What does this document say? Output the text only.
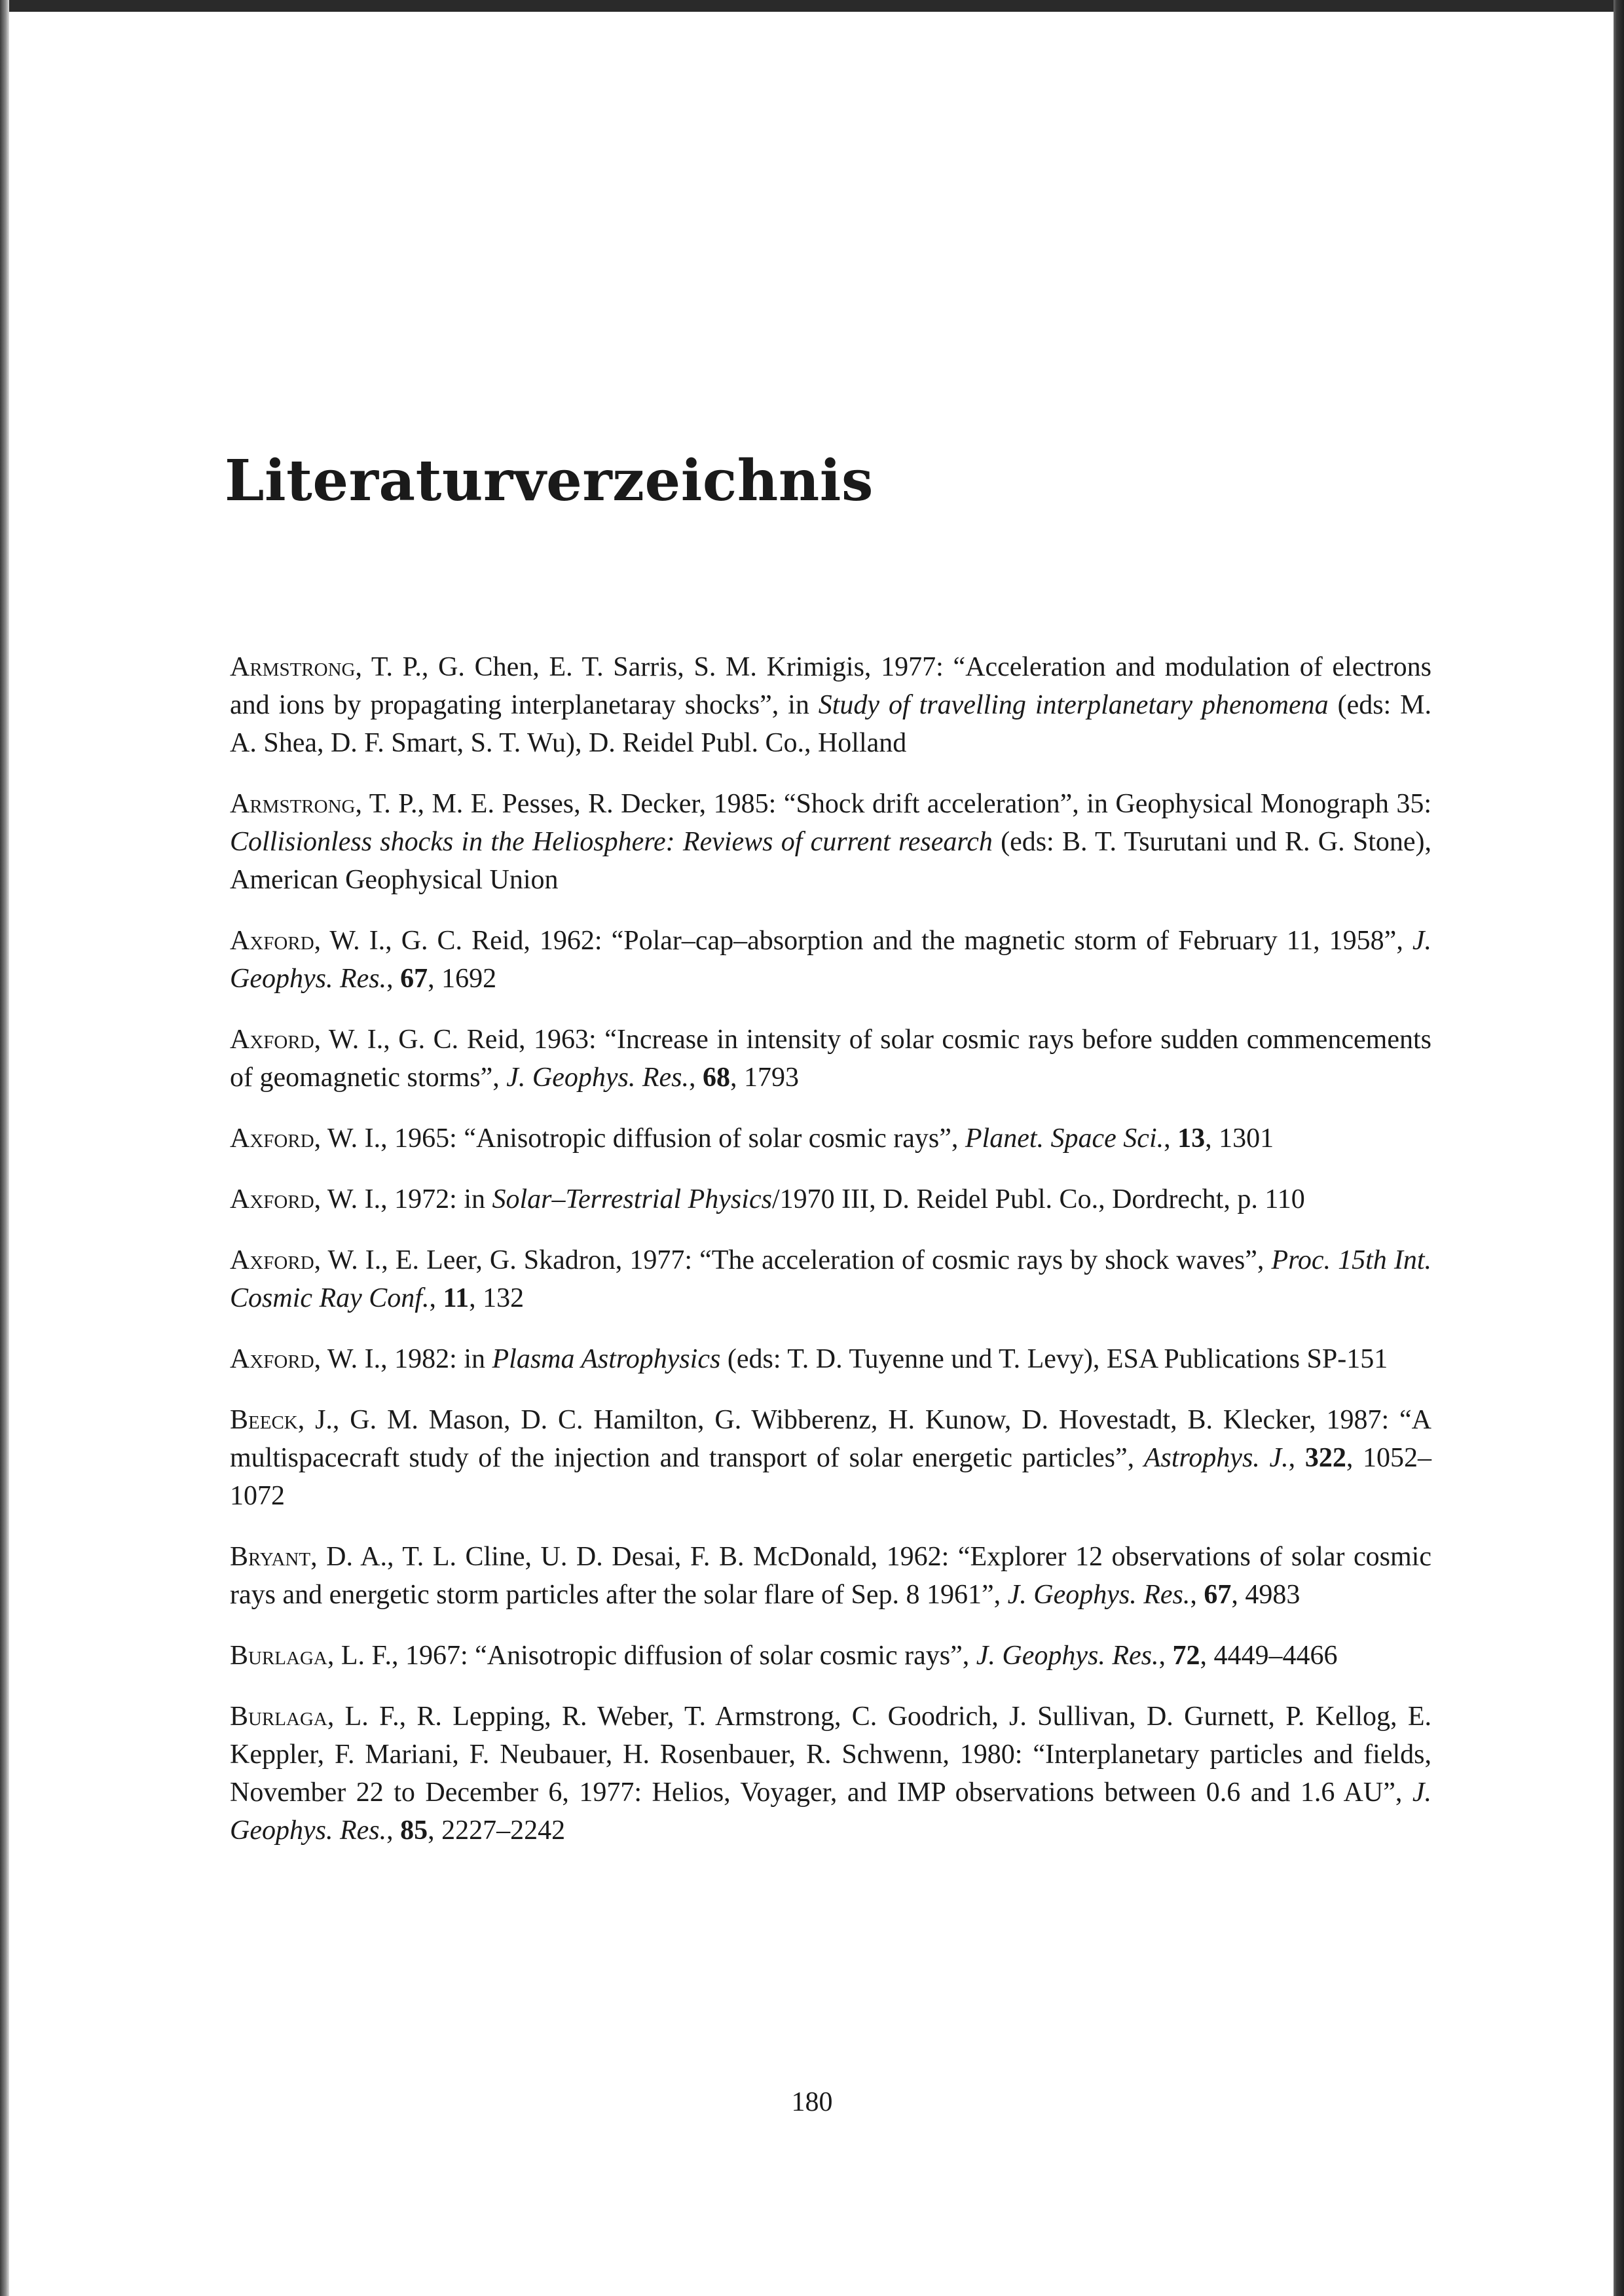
Literaturverzeichnis
Armstrong, T. P., G. Chen, E. T. Sarris, S. M. Krimigis, 1977: “Acceleration and modulation of electrons and ions by propagating interplanetaray shocks”, in Study of travelling interplanetary phenomena (eds: M. A. Shea, D. F. Smart, S. T. Wu), D. Reidel Publ. Co., Holland
Armstrong, T. P., M. E. Pesses, R. Decker, 1985: “Shock drift acceleration”, in Geophysical Monograph 35: Collisionless shocks in the Heliosphere: Reviews of current research (eds: B. T. Tsurutani und R. G. Stone), American Geophysical Union
Axford, W. I., G. C. Reid, 1962: “Polar–cap–absorption and the magnetic storm of February 11, 1958”, J. Geophys. Res., 67, 1692
Axford, W. I., G. C. Reid, 1963: “Increase in intensity of solar cosmic rays before sudden commencements of geomagnetic storms”, J. Geophys. Res., 68, 1793
Axford, W. I., 1965: “Anisotropic diffusion of solar cosmic rays”, Planet. Space Sci., 13, 1301
Axford, W. I., 1972: in Solar–Terrestrial Physics/1970 III, D. Reidel Publ. Co., Dordrecht, p. 110
Axford, W. I., E. Leer, G. Skadron, 1977: “The acceleration of cosmic rays by shock waves”, Proc. 15th Int. Cosmic Ray Conf., 11, 132
Axford, W. I., 1982: in Plasma Astrophysics (eds: T. D. Tuyenne und T. Levy), ESA Publications SP-151
Beeck, J., G. M. Mason, D. C. Hamilton, G. Wibberenz, H. Kunow, D. Hovestadt, B. Klecker, 1987: “A multispacecraft study of the injection and transport of solar energetic particles”, Astrophys. J., 322, 1052–1072
Bryant, D. A., T. L. Cline, U. D. Desai, F. B. McDonald, 1962: “Explorer 12 observations of solar cosmic rays and energetic storm particles after the solar flare of Sep. 8 1961”, J. Geophys. Res., 67, 4983
Burlaga, L. F., 1967: “Anisotropic diffusion of solar cosmic rays”, J. Geophys. Res., 72, 4449–4466
Burlaga, L. F., R. Lepping, R. Weber, T. Armstrong, C. Goodrich, J. Sullivan, D. Gurnett, P. Kellog, E. Keppler, F. Mariani, F. Neubauer, H. Rosenbauer, R. Schwenn, 1980: “Interplanetary particles and fields, November 22 to December 6, 1977: Helios, Voyager, and IMP observations between 0.6 and 1.6 AU”, J. Geophys. Res., 85, 2227–2242
180
